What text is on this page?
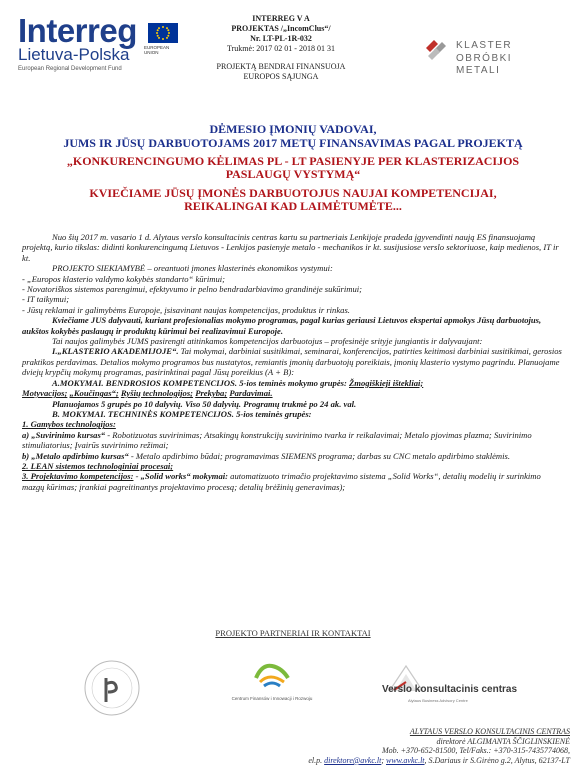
Interreg
Lietuva-Polska
European Regional Development Fund
EUROPEAN UNION
INTERREG V A
PROJEKTAS /„IncomClus“/
Nr. LT-PL-1R-032
Trukmė: 2017 02 01 - 2018 01 31
PROJEKTĄ BENDRAI FINANSUOJA
EUROPOS SĄJUNGA
KLASTER
OBRÓBKI METALI
DĖMESIO ĮMONIŲ VADOVAI,
JUMS IR JŪSŲ DARBUOTOJAMS 2017 METŲ FINANSAVIMAS PAGAL PROJEKTĄ
„KONKURENCINGUMO KĖLIMAS PL - LT PASIENYJE PER KLASTERIZACIJOS
PASLAUGŲ VYSTYMĄ“
KVIEČIAME JŪSŲ ĮMONĖS DARBUOTOJUS NAUJAI KOMPETENCIJAI,
REIKALINGAI KAD LAIMĖTUMĖTE...

Nuo šių 2017 m. vasario 1 d. Alytaus verslo konsultacinis centras kartu su partneriais Lenkijoje pradeda įgyvendinti naują ES finansuojamą projektą, kurio tikslas: didinti konkurencingumą Lietuvos - Lenkijos pasienyje metalo - mechanikos ir kt. susijusiose verslo sektoriuose, kaip medienos, IT ir kt.

PROJEKTO SIEKIAMYBĖ – oreantuoti įmones klasterinės ekonomikos vystymui:

- „Europos klasterio valdymo kokybės standarto“ kūrimui;

- Novatoriškos sistemos parengimui, efektyvumo ir pelno bendradarbiavimo grandinėje sukūrimui;

- IT taikymui;

- Jūsų reklamai ir galimybėms Europoje, įsisavinant naujas kompetencijas, produktus ir rinkas.

Kviečiame JUS dalyvauti, kuriant profesionalias mokymo programas, pagal kurias geriausi Lietuvos ekspertai apmokys Jūsų darbuotojus, aukštos kokybės paslaugų ir produktų kūrimui bei realizavimui Europoje.

Tai naujos galimybės JUMS pasirengti atitinkamos kompetencijos darbuotojus – profesinėje srityje jungiantis ir dalyvaujant:

I.„KLASTERIO AKADEMIJOJE“. Tai mokymai, darbiniai susitikimai, seminarai, konferencijos, patirties keitimosi darbiniai susitikimai, gerosios praktikos perdavimas. Detalios mokymo programos bus nustatytos, remiantis įmonių darbuotojų poreikiais, įmonių klasterio vystymo pagrindu. Planuojame dviejų krypčių mokymų programas, pasirinktinai pagal Jūsų poreikius (A + B):

A.MOKYMAI. BENDROSIOS KOMPETENCIJOS. 5-ios teminės mokymo grupės: Žmogiškieji ištekliai;

Motyvacijos; „Koučingas“; Ryšių technologijos; Prekyba; Pardavimai.

Planuojamos 5 grupės po 10 dalyvių. Viso 50 dalyvių. Programų trukmė po 24 ak. val.

B. MOKYMAI. TECHNINĖS KOMPETENCIJOS. 5-ios teminės grupės:

1. Gamybos technologijos:

a) „Suvirinimo kursas“ - Robotizuotas suvirinimas; Atsakingų konstrukcijų suvirinimo tvarka ir reikalavimai; Metalo pjovimas plazma; Suvirinimo stimuliatorius; Įvairūs suvirinimo režimai;

b) „Metalo apdirbimo kursas“ - Metalo apdirbimo būdai; programavimas SIEMENS programa; darbas su CNC metalo apdirbimo staklėmis.

2. LEAN sistemos technologiniai procesai;

3. Projektavimo kompetencijos: - „Solid works“ mokymai: automatizuoto trimačio projektavimo sistema „Solid Works“, detalių modelių ir surinkimo mazgų kūrimas; įrankiai pagreitinantys projektavimo procesą; detalių brėžinių generavimas);

PROJEKTO PARTNERIAI IR KONTAKTAI
Centrum Finansów i Innowacji i Rozwoju
Verslo konsultacinis centras
Alytaus Business Advisory Centre
ALYTAUS VERSLO KONSULTACINIS CENTRAS
direktorė ALGIMANTA ŠČIGLINSKIENĖ
Mob. +370-652-81500, Tel/Faks.: +370-315-7435774068,
el.p. direktore@avkc.lt; www.avkc.lt, S.Dariaus ir S.Girėno g.2, Alytus, 62137-LT
